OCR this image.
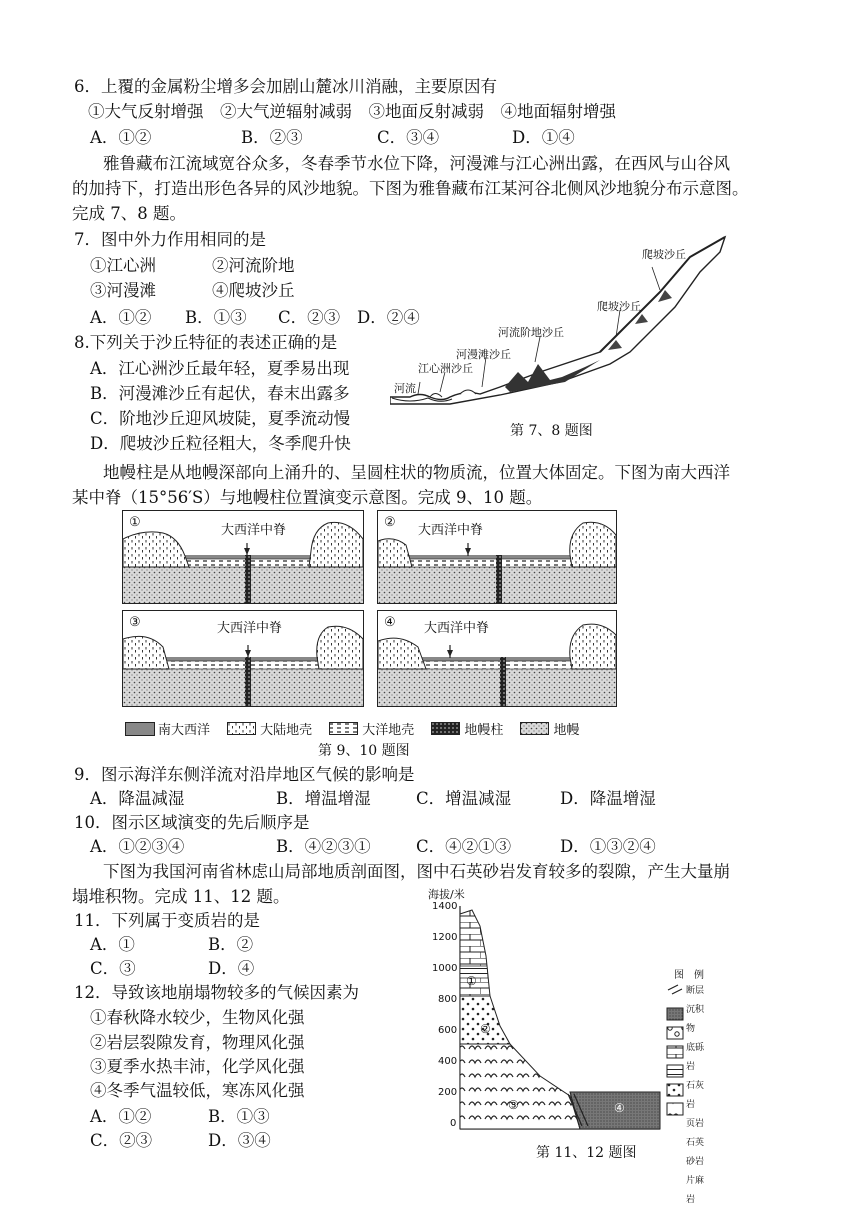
6．上覆的金属粉尘增多会加剧山麓冰川消融，主要原因有
①大气反射增强　②大气逆辐射减弱　③地面反射减弱　④地面辐射增强
A．①②	B．②③	C．③④	D．①④
雅鲁藏布江流域宽谷众多，冬春季节水位下降，河漫滩与江心洲出露，在西风与山谷风
的加持下，打造出形色各异的风沙地貌。下图为雅鲁藏布江某河谷北侧风沙地貌分布示意图。
完成 7、8 题。
7．图中外力作用相同的是
①江心洲	②河流阶地
③河漫滩	④爬坡沙丘
A．①② B．①③ C．②③ D．②④
8.下列关于沙丘特征的表述正确的是
A．江心洲沙丘最年轻，夏季易出现
B．河漫滩沙丘有起伏，春末出露多
C．阶地沙丘迎风坡陡，夏季流动慢
D．爬坡沙丘粒径粗大，冬季爬升快
爬坡沙丘
爬坡沙丘
河流阶地沙丘
河漫滩沙丘
江心洲沙丘
河流
第 7、8 题图
地幔柱是从地幔深部向上涌升的、呈圆柱状的物质流，位置大体固定。下图为南大西洋
某中脊（15°56′S）与地幔柱位置演变示意图。完成 9、10 题。
①
大西洋中脊
②
大西洋中脊
③	大西洋中脊	④ 大西洋中脊
南大西洋	大陆地壳	大洋地壳	地幔柱	地幔
第 9、10 题图
9．图示海洋东侧洋流对沿岸地区气候的影响是
A．降温减湿	B．增温增湿	C．增温减湿	D．降温增湿
10．图示区域演变的先后顺序是
A．①②③④	B．④②③①	C．④②①③	D．①③②④
下图为我国河南省林虑山局部地质剖面图，图中石英砂岩发育较多的裂隙，产生大量崩
塌堆积物。完成 11、12 题。
11．下列属于变质岩的是
A．①	B．②
C．③	D．④
12．导致该地崩塌物较多的气候因素为
①春秋降水较少，生物风化强
②岩层裂隙发育，物理风化强
③夏季水热丰沛，化学风化强
④冬季气温较低，寒冻风化强
A．①②	B．①③
C．②③	D．③④
海拔/米
1400
1200
1000
800
600
400
200
0
①
②
③	④
图　例
断层
沉积物
底砾岩
石灰岩
页岩
石英砂岩
片麻岩
第 11、12 题图
